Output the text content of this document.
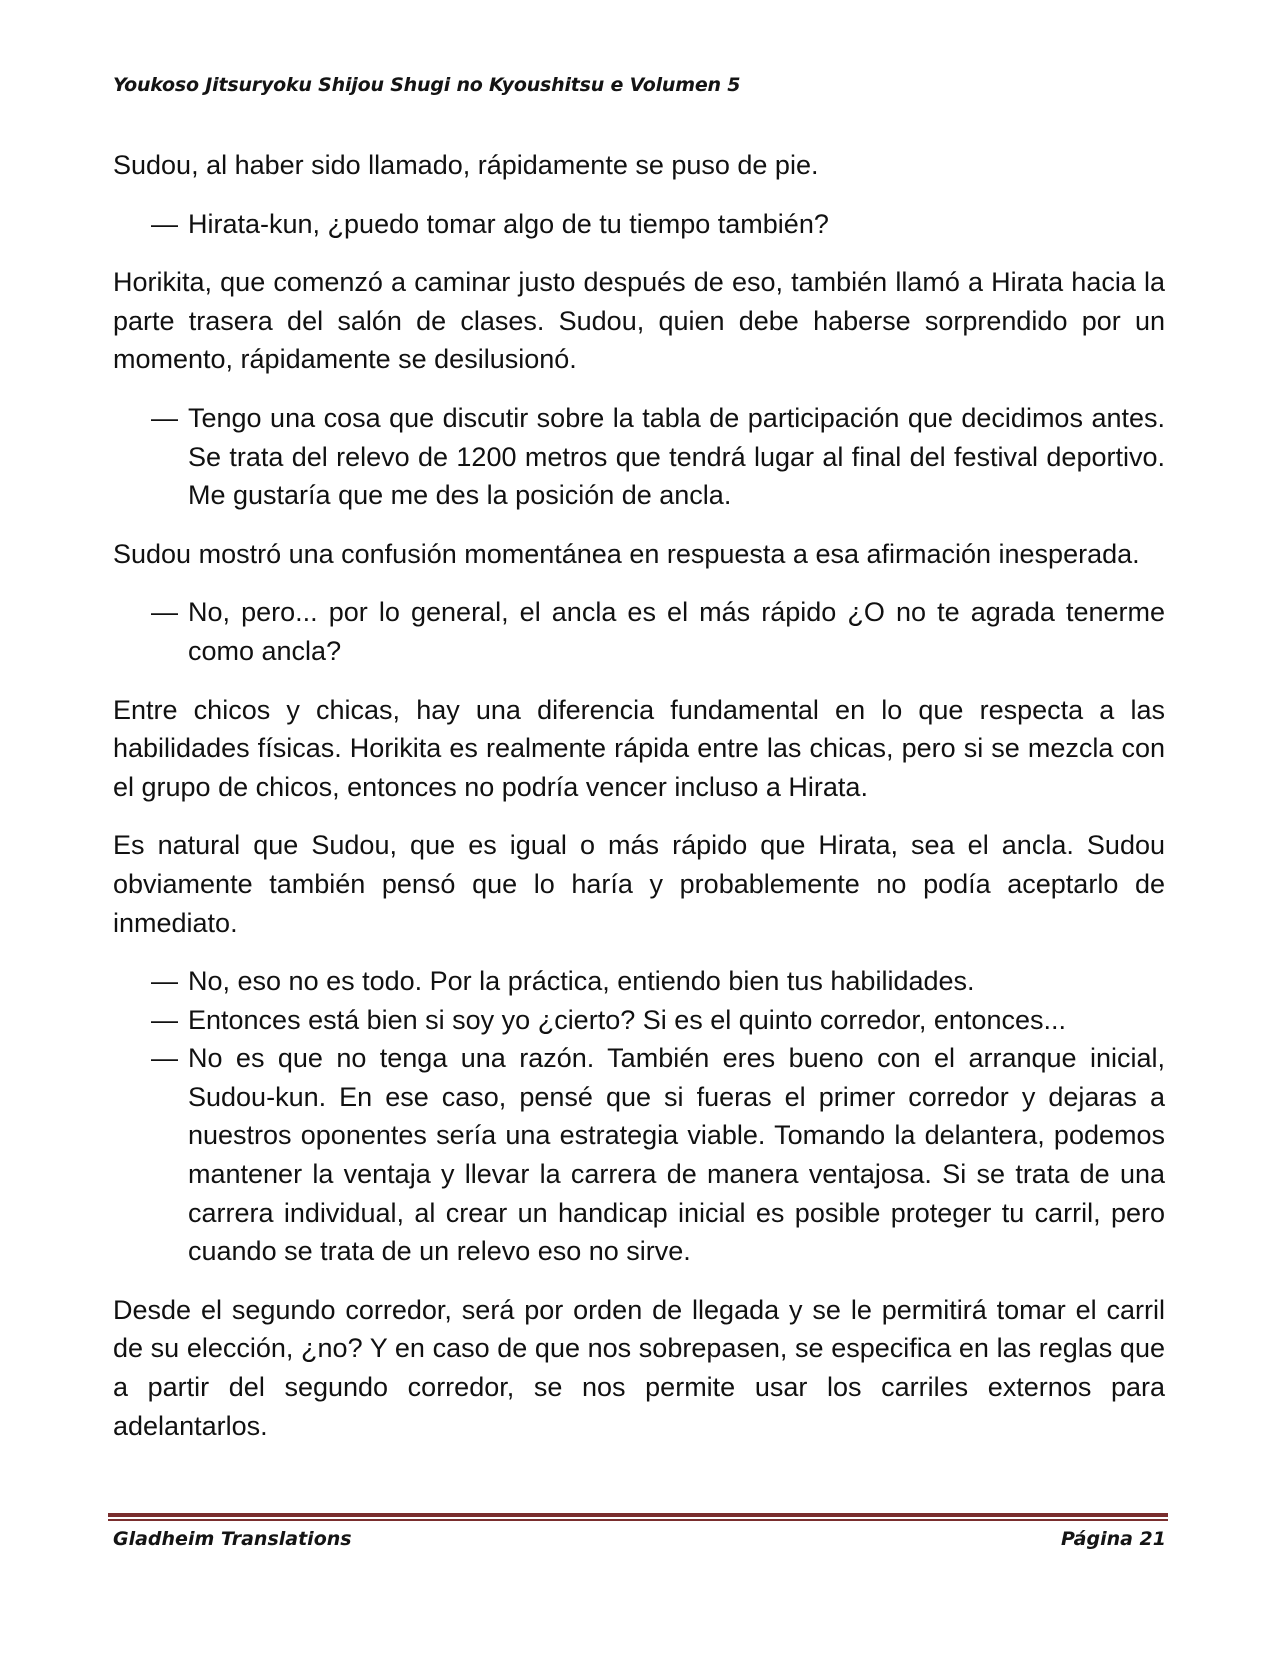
Youkoso Jitsuryoku Shijou Shugi no Kyoushitsu e Volumen 5

Sudou, al haber sido llamado, rápidamente se puso de pie.

— Hirata-kun, ¿puedo tomar algo de tu tiempo también?

Horikita, que comenzó a caminar justo después de eso, también llamó a Hirata hacia la parte trasera del salón de clases. Sudou, quien debe haberse sorprendido por un momento, rápidamente se desilusionó.

— Tengo una cosa que discutir sobre la tabla de participación que decidimos antes. Se trata del relevo de 1200 metros que tendrá lugar al final del festival deportivo. Me gustaría que me des la posición de ancla.

Sudou mostró una confusión momentánea en respuesta a esa afirmación inesperada.

— No, pero... por lo general, el ancla es el más rápido ¿O no te agrada tenerme como ancla?

Entre chicos y chicas, hay una diferencia fundamental en lo que respecta a las habilidades físicas. Horikita es realmente rápida entre las chicas, pero si se mezcla con el grupo de chicos, entonces no podría vencer incluso a Hirata.

Es natural que Sudou, que es igual o más rápido que Hirata, sea el ancla. Sudou obviamente también pensó que lo haría y probablemente no podía aceptarlo de inmediato.

— No, eso no es todo. Por la práctica, entiendo bien tus habilidades.
— Entonces está bien si soy yo ¿cierto? Si es el quinto corredor, entonces...
— No es que no tenga una razón. También eres bueno con el arranque inicial, Sudou-kun. En ese caso, pensé que si fueras el primer corredor y dejaras a nuestros oponentes sería una estrategia viable. Tomando la delantera, podemos mantener la ventaja y llevar la carrera de manera ventajosa. Si se trata de una carrera individual, al crear un handicap inicial es posible proteger tu carril, pero cuando se trata de un relevo eso no sirve.

Desde el segundo corredor, será por orden de llegada y se le permitirá tomar el carril de su elección, ¿no? Y en caso de que nos sobrepasen, se especifica en las reglas que a partir del segundo corredor, se nos permite usar los carriles externos para adelantarlos.

Gladheim Translations	Página 21
